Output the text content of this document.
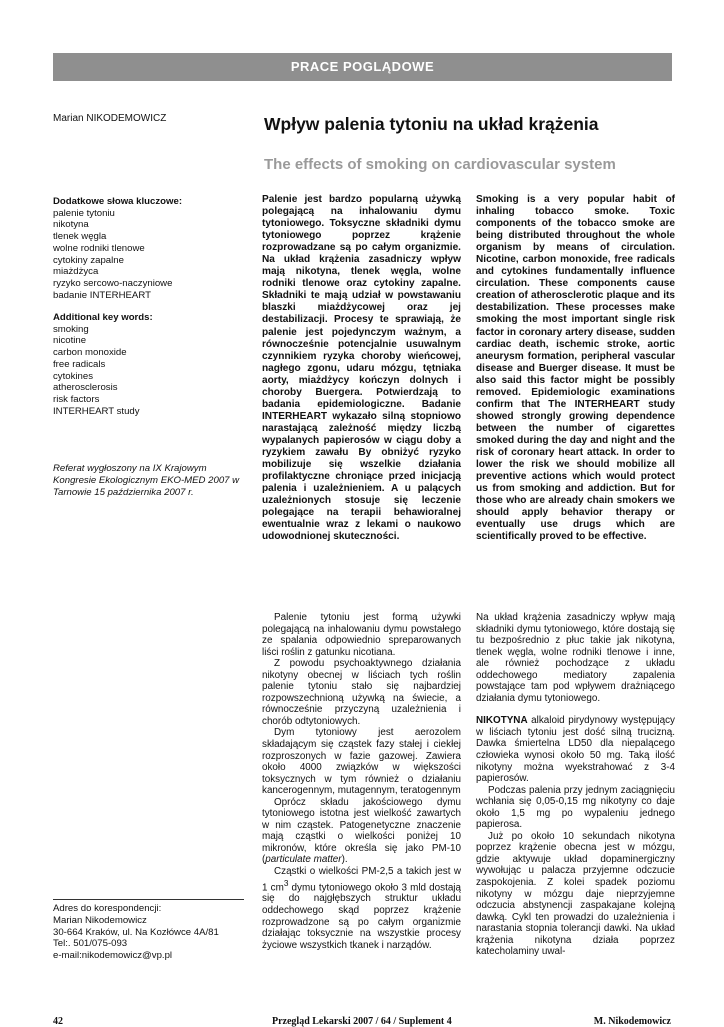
PRACE POGLĄDOWE
Marian NIKODEMOWICZ	Wpływ palenia tytoniu na układ krążenia
The effects of smoking on cardiovascular system
Dodatkowe słowa kluczowe:
palenie tytoniu
nikotyna
tlenek węgla
wolne rodniki tlenowe
cytokiny zapalne
miażdżyca
ryzyko sercowo-naczyniowe
badanie INTERHEART
Additional key words:
smoking
nicotine
carbon monoxide
free radicals
cytokines
atherosclerosis
risk factors
INTERHEART study
Referat wygłoszony na IX Krajowym Kongresie Ekologicznym EKO-MED 2007 w Tarnowie 15 października 2007 r.
Palenie jest bardzo popularną używką polegającą na inhalowaniu dymu tytoniowego. Toksyczne składniki dymu tytoniowego poprzez krążenie rozprowadzane są po całym organizmie. Na układ krążenia zasadniczy wpływ mają nikotyna, tlenek węgla, wolne rodniki tlenowe oraz cytokiny zapalne. Składniki te mają udział w powstawaniu blaszki miażdżycowej oraz jej destabilizacji. Procesy te sprawiają, że palenie jest pojedynczym ważnym, a równocześnie potencjalnie usuwalnym czynnikiem ryzyka choroby wieńcowej, nagłego zgonu, udaru mózgu, tętniaka aorty, miażdżycy kończyn dolnych i choroby Buergera. Potwierdzają to badania epidemiologiczne. Badanie INTERHEART wykazało silną stopniowo narastającą zależność między liczbą wypalanych papierosów w ciągu doby a ryzykiem zawału By obniżyć ryzyko mobilizuje się wszelkie działania profilaktyczne chroniące przed inicjacją palenia i uzależnieniem. A u palących uzależnionych stosuje się leczenie polegające na terapii behawioralnej ewentualnie wraz z lekami o naukowo udowodnionej skuteczności.
Smoking is a very popular habit of inhaling tobacco smoke. Toxic components of the tobacco smoke are being distributed throughout the whole organism by means of circulation. Nicotine, carbon monoxide, free radicals and cytokines fundamentally influence circulation. These components cause creation of atherosclerotic plaque and its destabilization. These processes make smoking the most important single risk factor in coronary artery disease, sudden cardiac death, ischemic stroke, aortic aneurysm formation, peripheral vascular disease and Buerger disease. It must be also said this factor might be possibly removed. Epidemiologic examinations confirm that The INTERHEART study showed strongly growing dependence between the number of cigarettes smoked during the day and night and the risk of coronary heart attack. In order to lower the risk we should mobilize all preventive actions which would protect us from smoking and addiction. But for those who are already chain smokers we should apply behavior therapy or eventually use drugs which are scientifically proved to be effective.

Palenie tytoniu jest formą używki polegającą na inhalowaniu dymu powstałego ze spalania odpowiednio spreparowanych liści roślin z gatunku nicotiana.

Z powodu psychoaktywnego działania nikotyny obecnej w liściach tych roślin palenie tytoniu stało się najbardziej rozpowszechnioną używką na świecie, a równocześnie przyczyną uzależnienia i chorób odtytoniowych.

Dym tytoniowy jest aerozolem składającym się cząstek fazy stałej i ciekłej rozproszonych w fazie gazowej. Zawiera około 4000 związków w większości toksycznych w tym również o działaniu kancerogennym, mutagennym, teratogennym

Oprócz składu jakościowego dymu tytoniowego istotna jest wielkość zawartych w nim cząstek. Patogenetyczne znaczenie mają cząstki o wielkości poniżej 10 mikronów, które określa się jako PM-10 (particulate matter).

Cząstki o wielkości PM-2,5 a takich jest w 1 $cm^3$ dymu tytoniowego około 3 mld dostają się do najgłębszych struktur układu oddechowego skąd poprzez krążenie rozprowadzone są po całym organizmie działając toksycznie na wszystkie procesy życiowe wszystkich tkanek i narządów.

Na układ krążenia zasadniczy wpływ mają składniki dymu tytoniowego, które dostają się tu bezpośrednio z płuc takie jak nikotyna, tlenek węgla, wolne rodniki tlenowe i inne, ale również pochodzące z układu oddechowego mediatory zapalenia powstające tam pod wpływem drażniącego działania dymu tytoniowego.

NIKOTYNA alkaloid pirydynowy występujący w liściach tytoniu jest dość silną trucizną. Dawka śmiertelna LD50 dla niepalącego człowieka wynosi około 50 mg. Taką ilość nikotyny można wyekstrahować z 3-4 papierosów.

Podczas palenia przy jednym zaciągnięciu wchłania się 0,05-0,15 mg nikotyny co daje około 1,5 mg po wypaleniu jednego papierosa.

Już po około 10 sekundach nikotyna poprzez krążenie obecna jest w mózgu, gdzie aktywuje układ dopaminergiczny wywołując u palacza przyjemne odczucie zaspokojenia. Z kolei spadek poziomu nikotyny w mózgu daje nieprzyjemne odczucia abstynencji zaspakajane kolejną dawką. Cykl ten prowadzi do uzależnienia i narastania stopnia tolerancji dawki. Na układ krążenia nikotyna działa poprzez katecholaminy uwal-

Adres do korespondencji:
Marian Nikodemowicz
30-664 Kraków, ul. Na Kozłówce 4A/81
Tel:. 501/075-093
e-mail:nikodemowicz@vp.pl
42	Przegląd Lekarski 2007 / 64 / Suplement 4	M. Nikodemowicz
